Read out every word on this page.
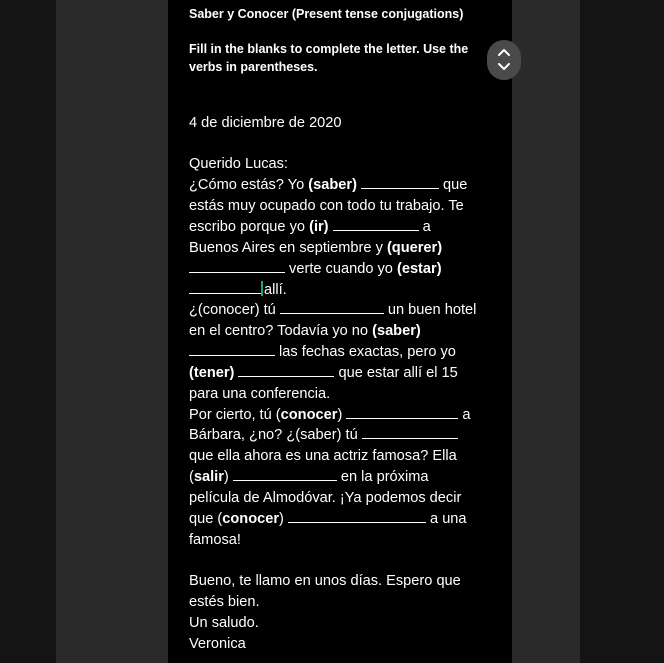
Saber y Conocer (Present tense conjugations)
Fill in the blanks to complete the letter. Use the
verbs in parentheses.
4 de diciembre de 2020
Querido Lucas:
¿Cómo estás? Yo (saber)	que
estás muy ocupado con todo tu trabajo. Te
escribo porque yo (ir)	a
Buenos Aires en septiembre y (querer)
verte cuando yo (estar)
allí.
¿(conocer) tú	un buen hotel
en el centro? Todavía yo no (saber)
las fechas exactas, pero yo
(tener)	que estar allí el 15
para una conferencia.
Por cierto, tú (conocer)	a
Bárbara, ¿no? ¿(saber) tú
que ella ahora es una actriz famosa? Ella
(salir)	en la próxima
película de Almodóvar. ¡Ya podemos decir
que (conocer)	a una
famosa!
Bueno, te llamo en unos días. Espero que
estés bien.
Un saludo.
Veronica
